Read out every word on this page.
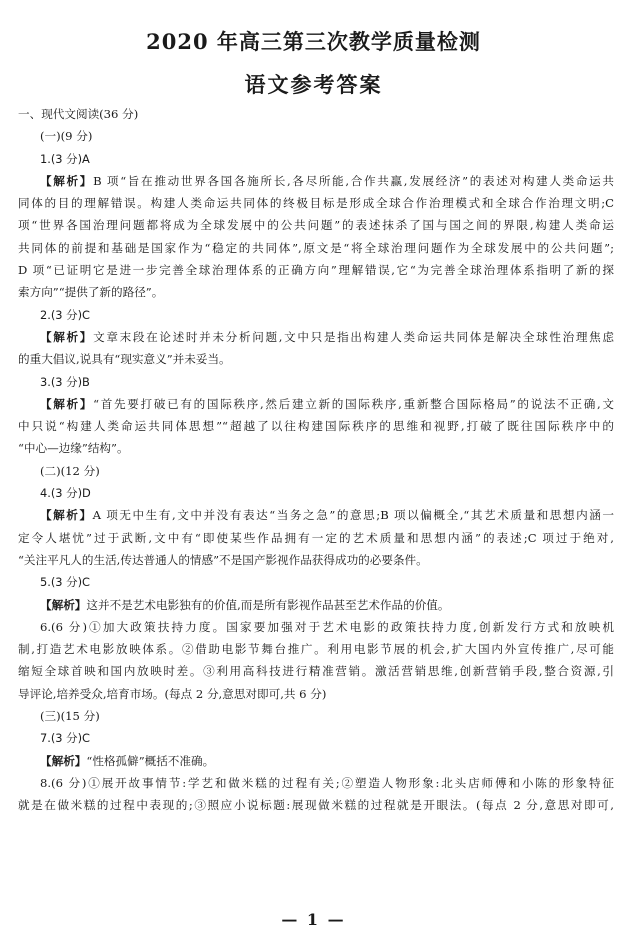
2020 年高三第三次教学质量检测
语文参考答案
一、现代文阅读(36 分)
(一)(9 分)
1.(3 分)A
【解析】B 项“旨在推动世界各国各施所长,各尽所能,合作共赢,发展经济”的表述对构建人类命运共
同体的目的理解错误。构建人类命运共同体的终极目标是形成全球合作治理模式和全球合作治理文明;C
项“世界各国治理问题都将成为全球发展中的公共问题”的表述抹杀了国与国之间的界限,构建人类命运
共同体的前提和基础是国家作为“稳定的共同体”,原文是“将全球治理问题作为全球发展中的公共问题”;
D 项“已证明它是进一步完善全球治理体系的正确方向”理解错误,它“为完善全球治理体系指明了新的探
索方向”“提供了新的路径”。
2.(3 分)C
【解析】文章末段在论述时并未分析问题,文中只是指出构建人类命运共同体是解决全球性治理焦虑
的重大倡议,说具有“现实意义”并未妥当。
3.(3 分)B
【解析】“首先要打破已有的国际秩序,然后建立新的国际秩序,重新整合国际格局”的说法不正确,文
中只说“构建人类命运共同体思想”“超越了以往构建国际秩序的思维和视野,打破了既往国际秩序中的
“中心—边缘”结构”。
(二)(12 分)
4.(3 分)D
【解析】A 项无中生有,文中并没有表达“当务之急”的意思;B 项以偏概全,“其艺术质量和思想内涵一
定令人堪忧”过于武断,文中有“即使某些作品拥有一定的艺术质量和思想内涵”的表述;C 项过于绝对,
“关注平凡人的生活,传达普通人的情感”不是国产影视作品获得成功的必要条件。
5.(3 分)C
【解析】这并不是艺术电影独有的价值,而是所有影视作品甚至艺术作品的价值。
6.(6 分)①加大政策扶持力度。国家要加强对于艺术电影的政策扶持力度,创新发行方式和放映机
制,打造艺术电影放映体系。②借助电影节舞台推广。利用电影节展的机会,扩大国内外宣传推广,尽可能
缩短全球首映和国内放映时差。③利用高科技进行精准营销。激活营销思维,创新营销手段,整合资源,引
导评论,培养受众,培育市场。(每点 2 分,意思对即可,共 6 分)
(三)(15 分)
7.(3 分)C
【解析】“性格孤僻”概括不准确。
8.(6 分)①展开故事情节:学艺和做米糕的过程有关;②塑造人物形象:北头店师傅和小陈的形象特征
就是在做米糕的过程中表现的;③照应小说标题:展现做米糕的过程就是开眼法。(每点 2 分,意思对即可,
— 1 —
